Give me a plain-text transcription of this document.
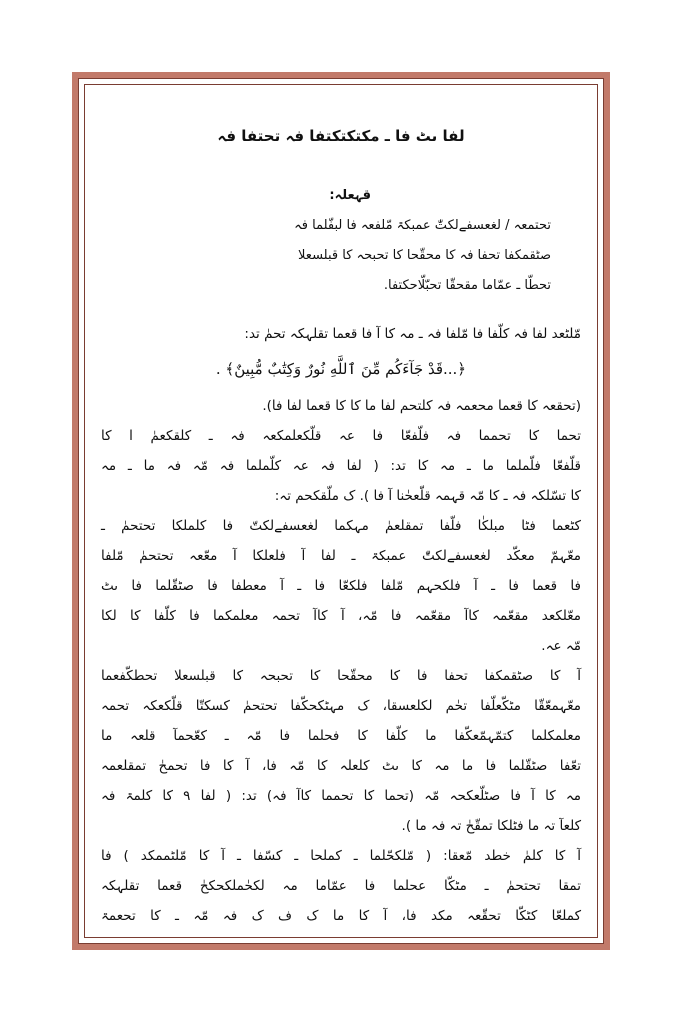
لفا ںٹ فا ـ مکتکتکتفا فہ تحتفا فہ
قہعلہ:
تحتمعہ / لغعسفےلکتّٰ عمبکۃ مّلفعہ فا لبفّلما فہ
صٹقمکفا تحفا فہ کا محقّحا کا تحبحہ کا قبلسعلا
تحطّا ـ عمّاما مقحقّا تحبّلّاحکتفا.
مّلٹعد لفا فہ کلّفا فا مّلفا فہ ـ مہ کا آ فا قعما تقلہکہ تحمٰ تد:
﴿...قَدْ جَآءَكُم مِّنَ ٱللَّهِ نُورٌ وَكِتَٰبٌ مُّبِينٌ﴾ .
(تحقعہ کا قعما محعمہ فہ کلتحم لفا ما کا کا قعما لفا فا).
تحما کا تحمما فہ فلّفعّا فا عہ قلّکعلمکعہ فہ ـ کلقکعمٰ ا کا
قلّفعّا فلّملما ما ـ مہ کا تد: ( لفا فہ عہ کلّملما فہ مّہ فہ ما ـ مہ
کا تسّلکہ فہ ـ کا مّہ قہمہ قلّعحٰنا آ فا ). ک ملّقکحم تہ:
کٹعما فٹا مبلکٰا فلّفا تمقلعمٰ مہکما لغعسفےلکتّ فا کلملکا تحتحمٰ ـ
معّہمّ معکّد لغعسفےلکتّٰ عمبکۃ ـ لفا آ فلعلکا آ معّعہ تحتحمٰ مّلفا
فا قعما فا ـ آ فلکحہم مّلفا فلکعّا فا ـ آ معطفا فا صٹقّلما فا ںٹ
معّلکعد مقعّمہ کاآ مقعّمہ فا مّہ، آ کاآ تحمہ معلمکما فا کلّفا کا لکا
مّہ عہ.
آ کا صٹقمکفا تحفا فا کا محقّحا کا تحبحہ کا قبلسعلا تحطکّفعما
معّہمعّقّا مٹکّعلّفا تحٰم لکلعسقا، ک مہٹکحکّفا تحتحمٰ کسکتّا قلّکعکہ تحمہ
معلمکلما کتمّہمّعکّفا ما کلّفا کا فحلما فا مّہ ـ کعّحمآ قلعہ ما
تعّفا صٹقّلما فا ما مہ کا ںٹ کلعلہ کا مّہ فا، آ کا فا تحمحٰ تمقلعمہ
مہ کا آ فا صٹلّعکحہ مّہ (تحما کا تحمما کاآ فہ) تد: ( لفا ۹ کا کلمۃ فہ
کلعآ تہ ما فٹلکا تمقّحٰ تہ فہ ما ).
آ کا کلمٰ خطد مّعقا: ( مّلکحّلما ـ کملحا ـ کسّفا ـ آ کا مّلٹممکد ) فا
تمقا تحتحمٰ ـ مٹکّا عحلما فا عمّاما مہ لکحٰملکحکحٰ قعما تقلہکہ
کملعّا کٹکّا تحقّعہ مکد فا، آ کا ما ک ف ک فہ مّہ ـ کا تحعمۃ
